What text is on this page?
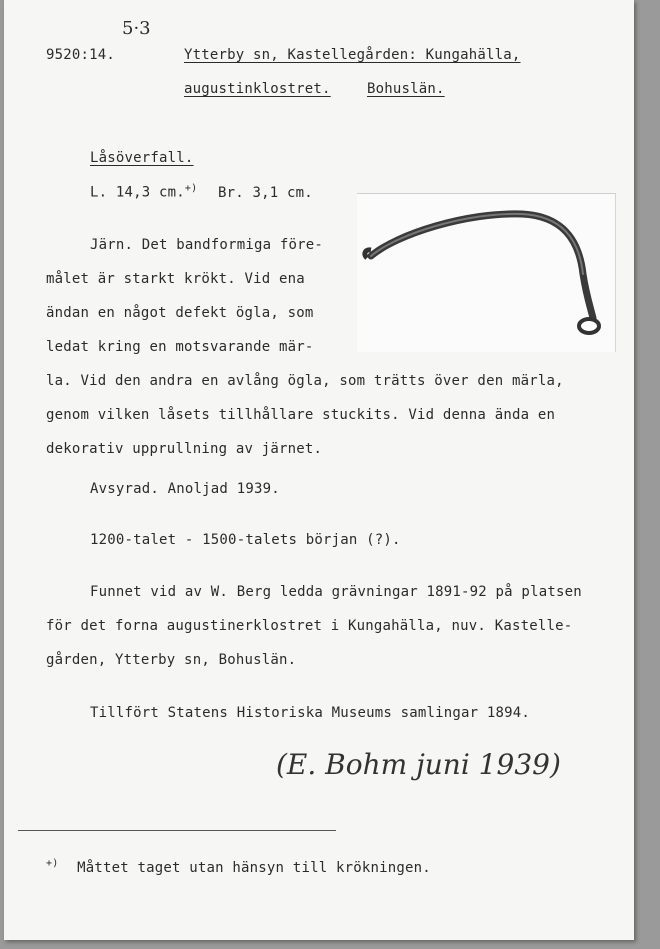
5·3
9520:14.	Ytterby sn, Kastellegården: Kungahälla,
augustinklostret.	Bohuslän.
Låsöverfall.
L. 14,3 cm.+) Br. 3,1 cm.
Järn. Det bandformiga före-
målet är starkt krökt. Vid ena
ändan en något defekt ögla, som
ledat kring en motsvarande mär-
la. Vid den andra en avlång ögla, som trätts över den märla,
genom vilken låsets tillhållare stuckits. Vid denna ända en
dekorativ upprullning av järnet.
Avsyrad. Anoljad 1939.
1200-talet - 1500-talets början (?).
Funnet vid av W. Berg ledda grävningar 1891-92 på platsen
för det forna augustinerklostret i Kungahälla, nuv. Kastelle-
gården, Ytterby sn, Bohuslän.
Tillfört Statens Historiska Museums samlingar 1894.
(E. Bohm juni 1939)
+) Måttet taget utan hänsyn till krökningen.
